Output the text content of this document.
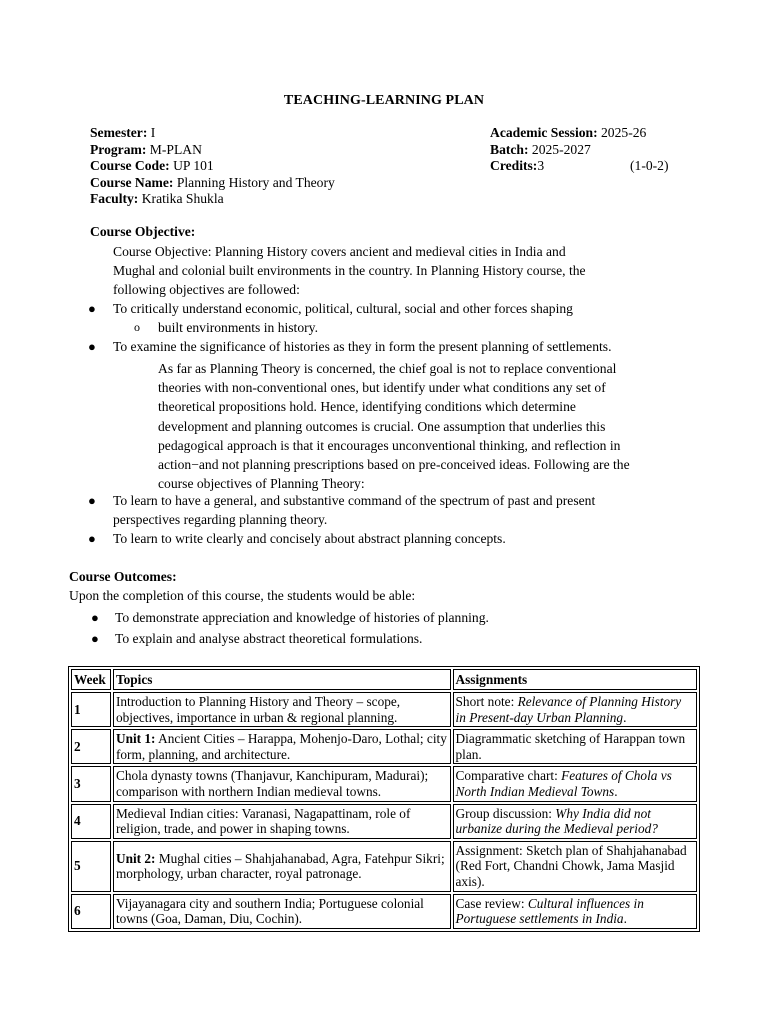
TEACHING-LEARNING PLAN
Semester: I
Program: M-PLAN
Course Code: UP 101
Course Name: Planning History and Theory
Faculty: Kratika Shukla
Academic Session: 2025-26
Batch: 2025-2027
Credits:3	(1-0-2)
Course Objective:
Course Objective: Planning History covers ancient and medieval cities in India and Mughal and colonial built environments in the country. In Planning History course, the following objectives are followed:
● To critically understand economic, political, cultural, social and other forces shaping
o built environments in history.
● To examine the significance of histories as they in form the present planning of settlements.
As far as Planning Theory is concerned, the chief goal is not to replace conventional theories with non-conventional ones, but identify under what conditions any set of theoretical propositions hold. Hence, identifying conditions which determine development and planning outcomes is crucial. One assumption that underlies this pedagogical approach is that it encourages unconventional thinking, and reflection in action−and not planning prescriptions based on pre-conceived ideas. Following are the course objectives of Planning Theory:
● To learn to have a general, and substantive command of the spectrum of past and present perspectives regarding planning theory.
● To learn to write clearly and concisely about abstract planning concepts.
Course Outcomes:
Upon the completion of this course, the students would be able:
● To demonstrate appreciation and knowledge of histories of planning.
● To explain and analyse abstract theoretical formulations.
Week	Topics	Assignments
1	Introduction to Planning History and Theory – scope, objectives, importance in urban & regional planning.	Short note: Relevance of Planning History in Present-day Urban Planning.
2	Unit 1: Ancient Cities – Harappa, Mohenjo-Daro, Lothal; city form, planning, and architecture.	Diagrammatic sketching of Harappan town plan.
3	Chola dynasty towns (Thanjavur, Kanchipuram, Madurai); comparison with northern Indian medieval towns.	Comparative chart: Features of Chola vs North Indian Medieval Towns.
4	Medieval Indian cities: Varanasi, Nagapattinam, role of religion, trade, and power in shaping towns.	Group discussion: Why India did not urbanize during the Medieval period?
5	Unit 2: Mughal cities – Shahjahanabad, Agra, Fatehpur Sikri; morphology, urban character, royal patronage.	Assignment: Sketch plan of Shahjahanabad (Red Fort, Chandni Chowk, Jama Masjid axis).
6	Vijayanagara city and southern India; Portuguese colonial towns (Goa, Daman, Diu, Cochin).	Case review: Cultural influences in Portuguese settlements in India.
